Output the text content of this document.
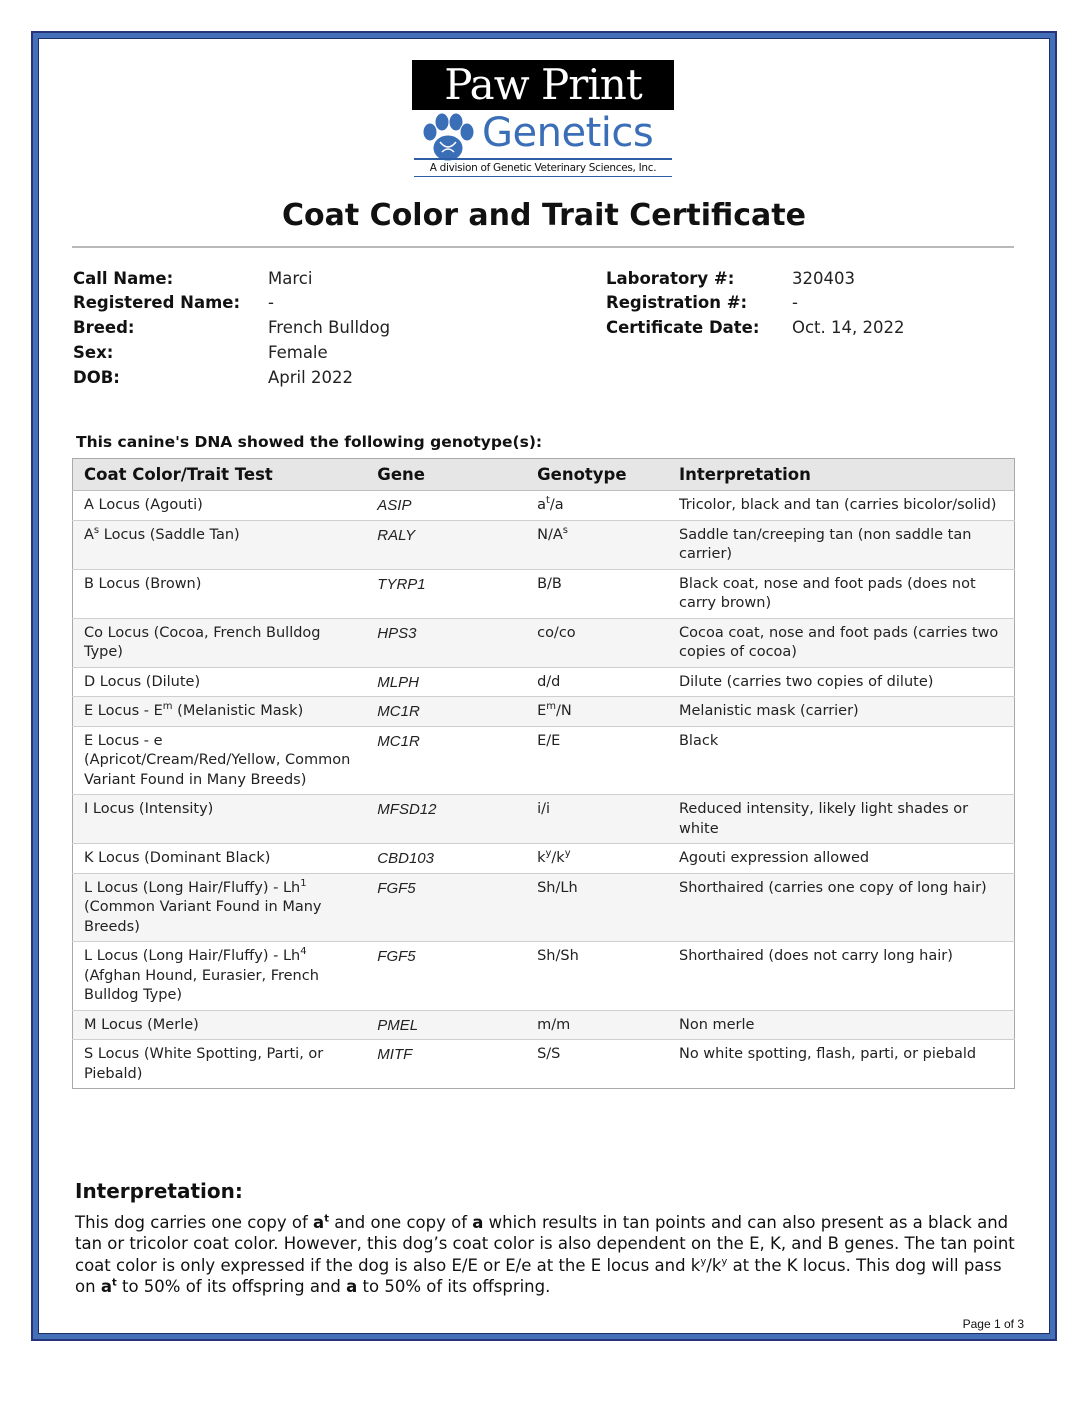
Paw Print
Genetics
A division of Genetic Veterinary Sciences, Inc.
Coat Color and Trait Certificate
Call Name:	Marci
Registered Name: -
Breed:	French Bulldog
Sex:	Female
DOB:	April 2022
Laboratory #:	320403
Registration #:	-
Certificate Date: Oct. 14, 2022
This canine's DNA showed the following genotype(s):
Coat Color/Trait Test	Gene	Genotype	Interpretation
A Locus (Agouti)	ASIP	$a^t/a$	Tricolor, black and tan (carries bicolor/solid)
$A^s$ Locus (Saddle Tan)	RALY	$N/A^s$	Saddle tan/creeping tan (non saddle tan carrier)
B Locus (Brown)	TYRP1	B/B	Black coat, nose and foot pads (does not carry brown)
Co Locus (Cocoa, French Bulldog Type)	HPS3	co/co	Cocoa coat, nose and foot pads (carries two copies of cocoa)
D Locus (Dilute)	MLPH	d/d	Dilute (carries two copies of dilute)
E Locus - $E^m$ (Melanistic Mask)	MC1R	$E^m/N$	Melanistic mask (carrier)
E Locus - e (Apricot/Cream/Red/Yellow, Common Variant Found in Many Breeds)	MC1R	E/E	Black
I Locus (Intensity)	MFSD12	i/i	Reduced intensity, likely light shades or white
K Locus (Dominant Black)	CBD103	$k^y/k^y$	Agouti expression allowed
L Locus (Long Hair/Fluffy) - Lh$^1$ (Common Variant Found in Many Breeds)	FGF5	Sh/Lh	Shorthaired (carries one copy of long hair)
L Locus (Long Hair/Fluffy) - Lh$^4$ (Afghan Hound, Eurasier, French Bulldog Type)	FGF5	Sh/Sh	Shorthaired (does not carry long hair)
M Locus (Merle)	PMEL	m/m	Non merle
S Locus (White Spotting, Parti, or Piebald)	MITF	S/S	No white spotting, flash, parti, or piebald
Interpretation:
This dog carries one copy of $a^t$ and one copy of a which results in tan points and can also present as a black and tan or tricolor coat color. However, this dog’s coat color is also dependent on the E, K, and B genes. The tan point coat color is only expressed if the dog is also E/E or E/e at the E locus and $k^y/k^y$ at the K locus. This dog will pass on $a^t$ to 50% of its offspring and a to 50% of its offspring.
Page 1 of 3
